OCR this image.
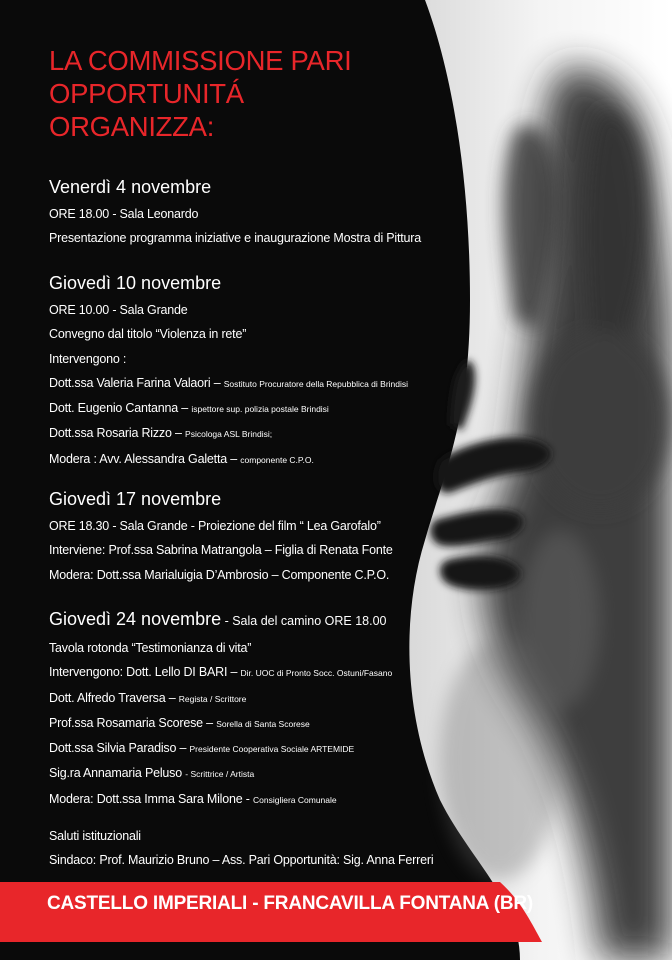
LA COMMISSIONE PARI
OPPORTUNITÁ
ORGANIZZA:
Venerdì 4 novembre
ORE 18.00 - Sala Leonardo
Presentazione programma iniziative e inaugurazione Mostra di Pittura
Giovedì 10 novembre
ORE 10.00 - Sala Grande
Convegno dal titolo “Violenza in rete”
Intervengono :
Dott.ssa Valeria Farina Valaori – Sostituto Procuratore della Repubblica di Brindisi
Dott. Eugenio Cantanna – ispettore sup. polizia postale Brindisi
Dott.ssa Rosaria Rizzo – Psicologa ASL Brindisi;
Modera : Avv. Alessandra Galetta – componente C.P.O.
Giovedì 17 novembre
ORE 18.30 - Sala Grande - Proiezione del film “ Lea Garofalo”
Interviene: Prof.ssa Sabrina Matrangola – Figlia di Renata Fonte
Modera: Dott.ssa Marialuigia D’Ambrosio – Componente C.P.O.
Giovedì 24 novembre - Sala del camino ORE 18.00
Tavola rotonda “Testimonianza di vita”
Intervengono: Dott. Lello DI BARI – Dir. UOC di Pronto Socc. Ostuni/Fasano
Dott. Alfredo Traversa – Regista / Scrittore
Prof.ssa Rosamaria Scorese – Sorella di Santa Scorese
Dott.ssa Silvia Paradiso – Presidente Cooperativa Sociale ARTEMIDE
Sig.ra Annamaria Peluso - Scrittrice / Artista
Modera: Dott.ssa Imma Sara Milone - Consigliera Comunale
Saluti istituzionali
Sindaco: Prof. Maurizio Bruno – Ass. Pari Opportunità: Sig. Anna Ferreri
CASTELLO IMPERIALI - FRANCAVILLA FONTANA (BR)
